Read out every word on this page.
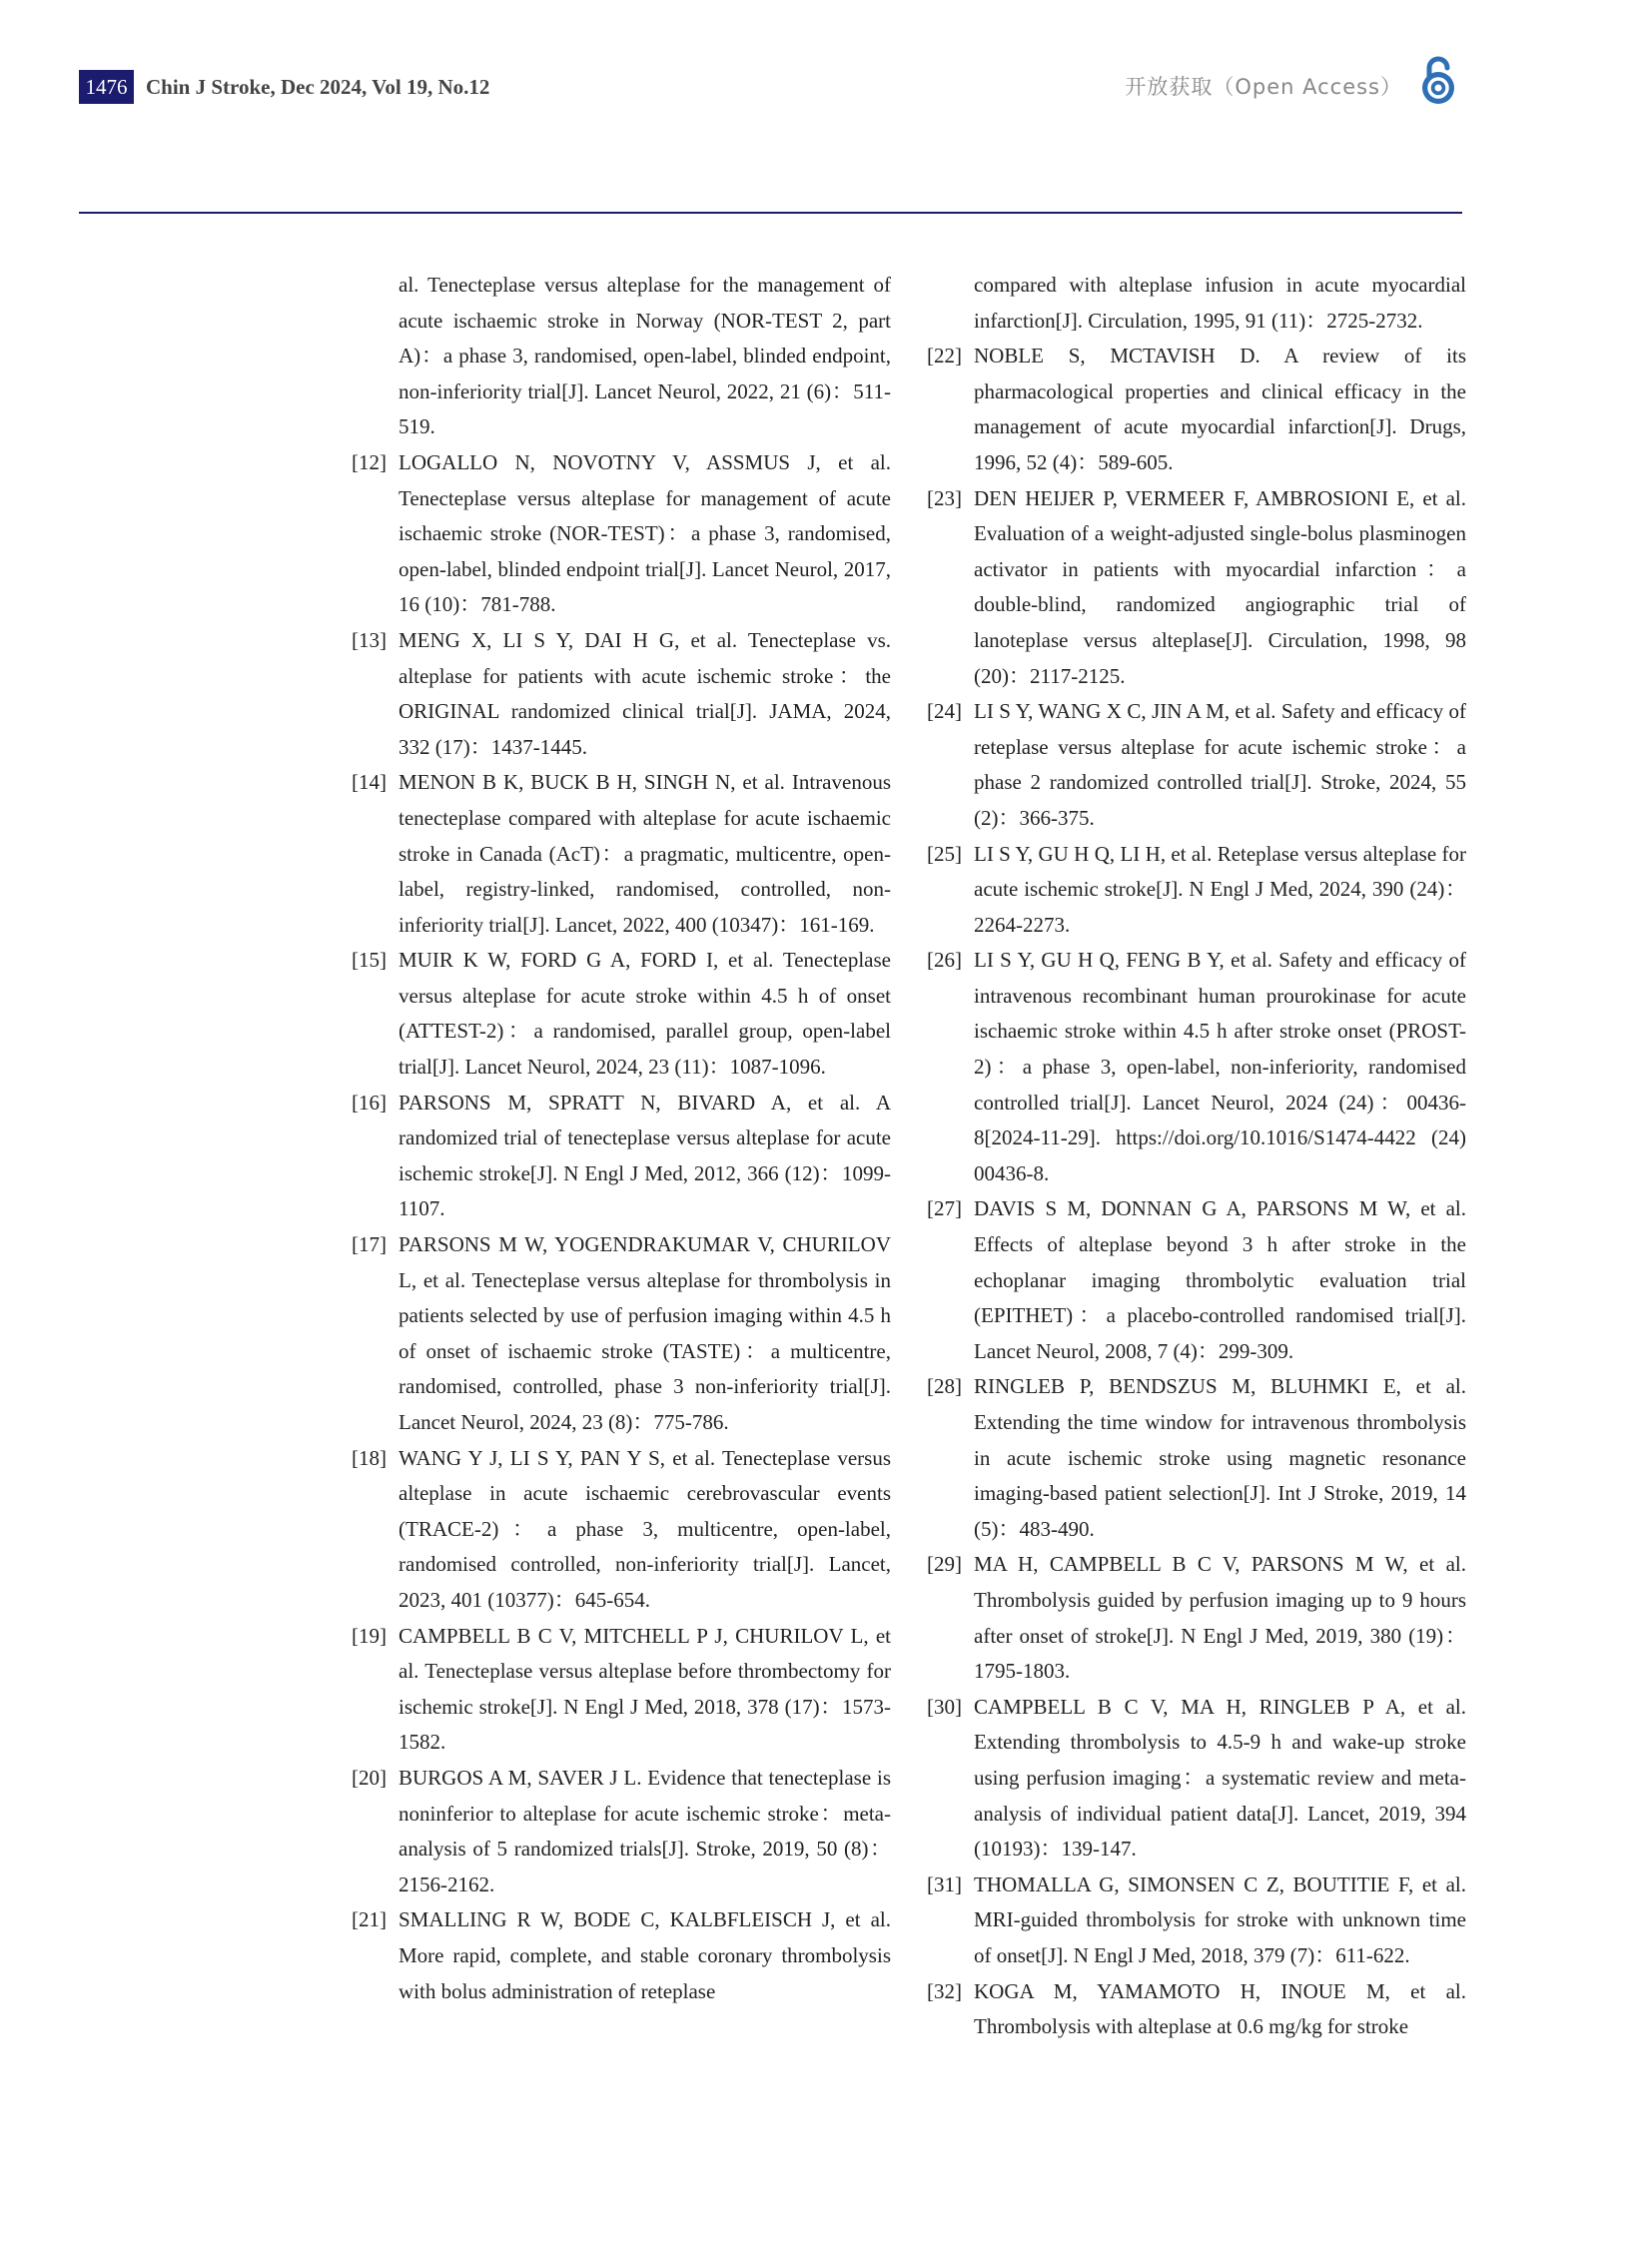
1476 Chin J Stroke, Dec 2024, Vol 19, No.12	开放获取（Open Access）
al. Tenecteplase versus alteplase for the management of acute ischaemic stroke in Norway (NOR-TEST 2, part A)：a phase 3, randomised, open-label, blinded endpoint, non-inferiority trial[J]. Lancet Neurol, 2022, 21 (6)：511-519.
[12] LOGALLO N, NOVOTNY V, ASSMUS J, et al. Tenecteplase versus alteplase for management of acute ischaemic stroke (NOR-TEST)：a phase 3, randomised, open-label, blinded endpoint trial[J]. Lancet Neurol, 2017, 16 (10)：781-788.
[13] MENG X, LI S Y, DAI H G, et al. Tenecteplase vs. alteplase for patients with acute ischemic stroke：the ORIGINAL randomized clinical trial[J]. JAMA, 2024, 332 (17)：1437-1445.
[14] MENON B K, BUCK B H, SINGH N, et al. Intravenous tenecteplase compared with alteplase for acute ischaemic stroke in Canada (AcT)：a pragmatic, multicentre, open-label, registry-linked, randomised, controlled, non-inferiority trial[J]. Lancet, 2022, 400 (10347)：161-169.
[15] MUIR K W, FORD G A, FORD I, et al. Tenecteplase versus alteplase for acute stroke within 4.5 h of onset (ATTEST-2)：a randomised, parallel group, open-label trial[J]. Lancet Neurol, 2024, 23 (11)：1087-1096.
[16] PARSONS M, SPRATT N, BIVARD A, et al. A randomized trial of tenecteplase versus alteplase for acute ischemic stroke[J]. N Engl J Med, 2012, 366 (12)：1099-1107.
[17] PARSONS M W, YOGENDRAKUMAR V, CHURILOV L, et al. Tenecteplase versus alteplase for thrombolysis in patients selected by use of perfusion imaging within 4.5 h of onset of ischaemic stroke (TASTE)：a multicentre, randomised, controlled, phase 3 non-inferiority trial[J]. Lancet Neurol, 2024, 23 (8)：775-786.
[18] WANG Y J, LI S Y, PAN Y S, et al. Tenecteplase versus alteplase in acute ischaemic cerebrovascular events (TRACE-2)：a phase 3, multicentre, open-label, randomised controlled, non-inferiority trial[J]. Lancet, 2023, 401 (10377)：645-654.
[19] CAMPBELL B C V, MITCHELL P J, CHURILOV L, et al. Tenecteplase versus alteplase before thrombectomy for ischemic stroke[J]. N Engl J Med, 2018, 378 (17)：1573-1582.
[20] BURGOS A M, SAVER J L. Evidence that tenecteplase is noninferior to alteplase for acute ischemic stroke：meta-analysis of 5 randomized trials[J]. Stroke, 2019, 50 (8)：2156-2162.
[21] SMALLING R W, BODE C, KALBFLEISCH J, et al. More rapid, complete, and stable coronary thrombolysis with bolus administration of reteplase
compared with alteplase infusion in acute myocardial infarction[J]. Circulation, 1995, 91 (11)：2725-2732.
[22] NOBLE S, MCTAVISH D. A review of its pharmacological properties and clinical efficacy in the management of acute myocardial infarction[J]. Drugs, 1996, 52 (4)：589-605.
[23] DEN HEIJER P, VERMEER F, AMBROSIONI E, et al. Evaluation of a weight-adjusted single-bolus plasminogen activator in patients with myocardial infarction：a double-blind, randomized angiographic trial of lanoteplase versus alteplase[J]. Circulation, 1998, 98 (20)：2117-2125.
[24] LI S Y, WANG X C, JIN A M, et al. Safety and efficacy of reteplase versus alteplase for acute ischemic stroke：a phase 2 randomized controlled trial[J]. Stroke, 2024, 55 (2)：366-375.
[25] LI S Y, GU H Q, LI H, et al. Reteplase versus alteplase for acute ischemic stroke[J]. N Engl J Med, 2024, 390 (24)：2264-2273.
[26] LI S Y, GU H Q, FENG B Y, et al. Safety and efficacy of intravenous recombinant human prourokinase for acute ischaemic stroke within 4.5 h after stroke onset (PROST-2)：a phase 3, open-label, non-inferiority, randomised controlled trial[J]. Lancet Neurol, 2024 (24)：00436-8[2024-11-29]. https://doi.org/10.1016/S1474-4422 (24) 00436-8.
[27] DAVIS S M, DONNAN G A, PARSONS M W, et al. Effects of alteplase beyond 3 h after stroke in the echoplanar imaging thrombolytic evaluation trial (EPITHET)：a placebo-controlled randomised trial[J]. Lancet Neurol, 2008, 7 (4)：299-309.
[28] RINGLEB P, BENDSZUS M, BLUHMKI E, et al. Extending the time window for intravenous thrombolysis in acute ischemic stroke using magnetic resonance imaging-based patient selection[J]. Int J Stroke, 2019, 14 (5)：483-490.
[29] MA H, CAMPBELL B C V, PARSONS M W, et al. Thrombolysis guided by perfusion imaging up to 9 hours after onset of stroke[J]. N Engl J Med, 2019, 380 (19)：1795-1803.
[30] CAMPBELL B C V, MA H, RINGLEB P A, et al. Extending thrombolysis to 4.5-9 h and wake-up stroke using perfusion imaging：a systematic review and meta-analysis of individual patient data[J]. Lancet, 2019, 394 (10193)：139-147.
[31] THOMALLA G, SIMONSEN C Z, BOUTITIE F, et al. MRI-guided thrombolysis for stroke with unknown time of onset[J]. N Engl J Med, 2018, 379 (7)：611-622.
[32] KOGA M, YAMAMOTO H, INOUE M, et al. Thrombolysis with alteplase at 0.6 mg/kg for stroke
